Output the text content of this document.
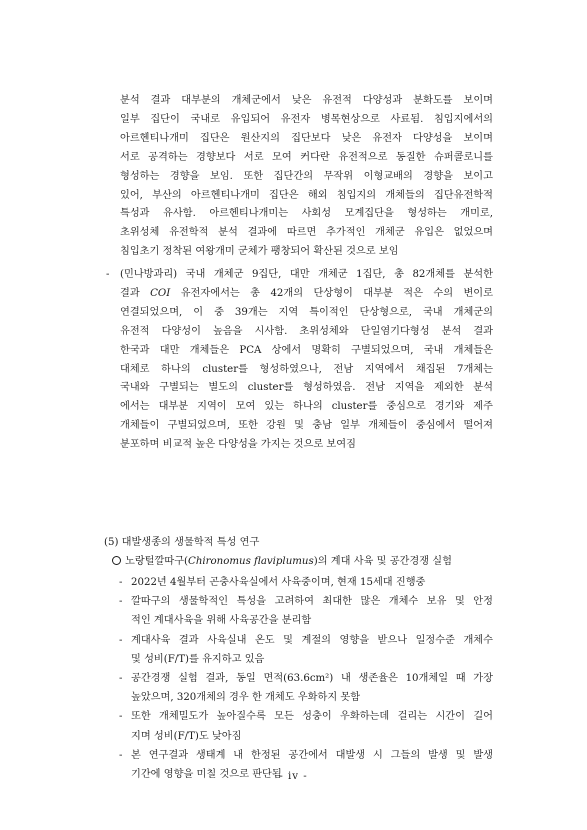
분석 결과 대부분의 개체군에서 낮은 유전적 다양성과 분화도를 보이며
일부 집단이 국내로 유입되어 유전자 병목현상으로 사료됨. 침입지에서의
아르헨티나개미 집단은 원산지의 집단보다 낮은 유전자 다양성을 보이며
서로 공격하는 경향보다 서로 모여 커다란 유전적으로 동질한 슈퍼콜로니를
형성하는 경향을 보임. 또한 집단간의 무작위 이형교배의 경향을 보이고
있어, 부산의 아르헨티나개미 집단은 해외 침입지의 개체들의 집단유전학적
특성과 유사함. 아르헨티나개미는 사회성 모계집단을 형성하는 개미로,
초위성체 유전학적 분석 결과에 따르면 추가적인 개체군 유입은 없었으며
침입초기 정착된 여왕개미 군체가 팽창되어 확산된 것으로 보임
- (민나방과리) 국내 개체군 9집단, 대만 개체군 1집단, 총 82개체를 분석한
결과 COI 유전자에서는 총 42개의 단상형이 대부분 적은 수의 변이로
연결되었으며, 이 중 39개는 지역 특이적인 단상형으로, 국내 개체군의
유전적 다양성이 높음을 시사함. 초위성체와 단일염기다형성 분석 결과
한국과 대만 개체들은 PCA 상에서 명확히 구별되었으며, 국내 개체들은
대체로 하나의 cluster를 형성하였으나, 전남 지역에서 채집된 7개체는
국내와 구별되는 별도의 cluster를 형성하였음. 전남 지역을 제외한 분석
에서는 대부분 지역이 모여 있는 하나의 cluster를 중심으로 경기와 제주
개체들이 구별되었으며, 또한 강원 및 충남 일부 개체들이 중심에서 떨어져
분포하며 비교적 높은 다양성을 가지는 것으로 보여짐
(5) 대발생종의 생물학적 특성 연구
노랑털깔따구(Chironomus flaviplumus)의 계대 사육 및 공간경쟁 실험
- 2022년 4월부터 곤충사육실에서 사육중이며, 현재 15세대 진행중
- 깔따구의 생물학적인 특성을 고려하여 최대한 많은 개체수 보유 및 안정
적인 계대사육을 위해 사육공간을 분리함
- 계대사육 결과 사육실내 온도 및 계절의 영향을 받으나 일정수준 개체수
및 성비(F/T)를 유지하고 있음
- 공간경쟁 실험 결과, 동일 면적(63.6cm²) 내 생존율은 10개체일 때 가장
높았으며, 320개체의 경우 한 개체도 우화하지 못함
- 또한 개체밀도가 높아질수록 모든 성충이 우화하는데 걸리는 시간이 길어
지며 성비(F/T)도 낮아짐
- 본 연구결과 생태계 내 한정된 공간에서 대발생 시 그들의 발생 및 발생
기간에 영향을 미칠 것으로 판단됨
- iv -
